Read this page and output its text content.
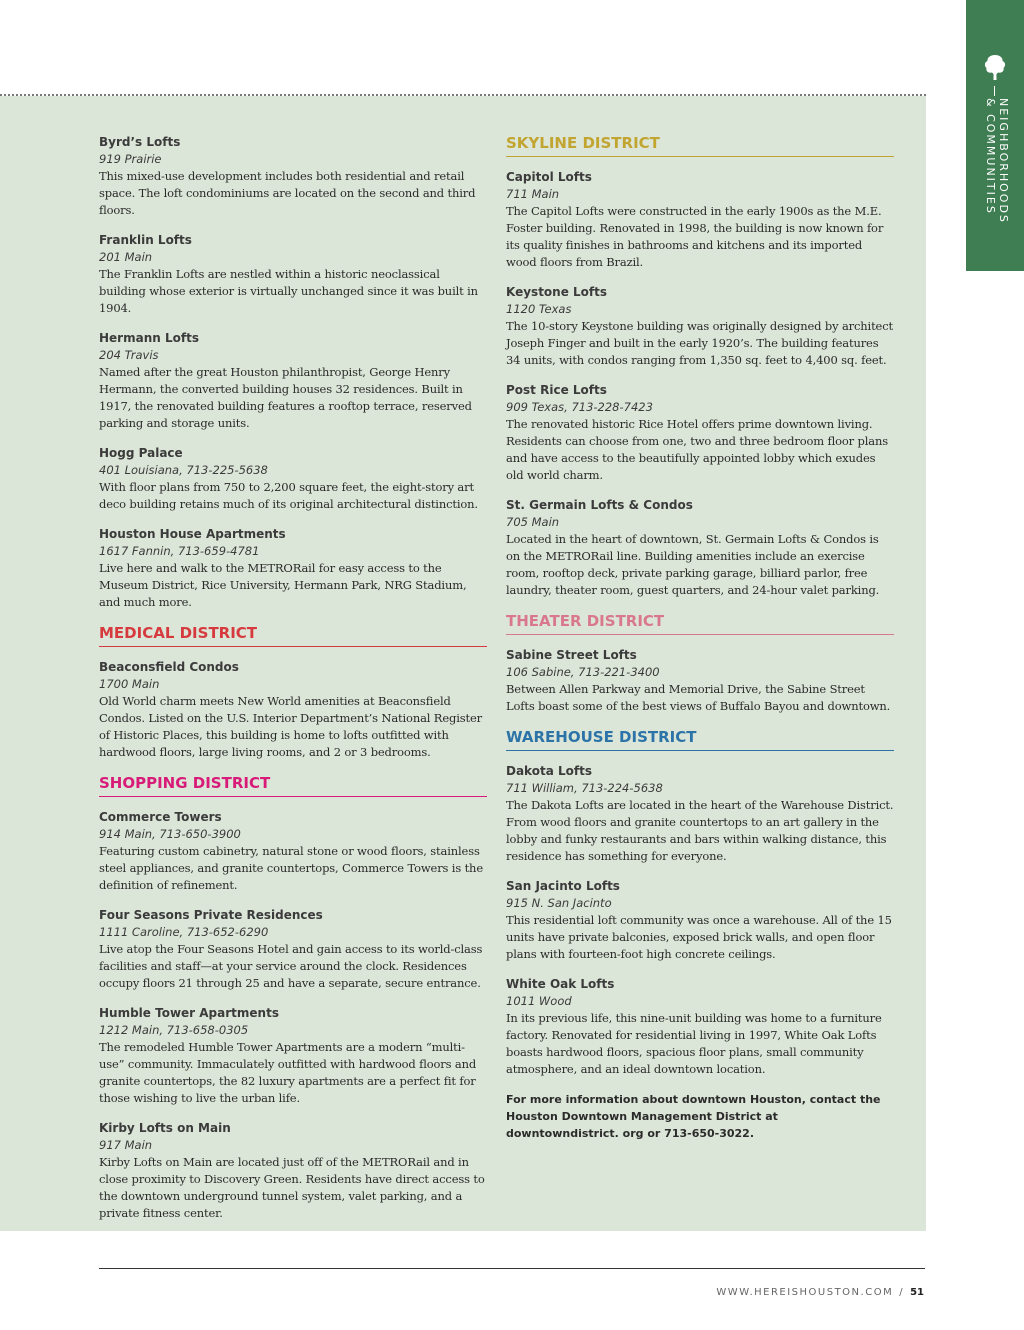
NEIGHBORHOODS
& COMMUNITIES
Byrd’s Lofts
919 Prairie
This mixed-use development includes both residential and retail space. The loft condominiums are located on the second and third floors.
Franklin Lofts
201 Main
The Franklin Lofts are nestled within a historic neoclassical building whose exterior is virtually unchanged since it was built in 1904.
Hermann Lofts
204 Travis
Named after the great Houston philanthropist, George Henry Hermann, the converted building houses 32 residences. Built in 1917, the renovated building features a rooftop terrace, reserved parking and storage units.
Hogg Palace
401 Louisiana, 713-225-5638
With floor plans from 750 to 2,200 square feet, the eight-story art deco building retains much of its original architectural distinction.
Houston House Apartments
1617 Fannin, 713-659-4781
Live here and walk to the METRORail for easy access to the Museum District, Rice University, Hermann Park, NRG Stadium, and much more.
MEDICAL DISTRICT
Beaconsfield Condos
1700 Main
Old World charm meets New World amenities at Beaconsfield Condos. Listed on the U.S. Interior Department’s National Register of Historic Places, this building is home to lofts outfitted with hardwood floors, large living rooms, and 2 or 3 bedrooms.
SHOPPING DISTRICT
Commerce Towers
914 Main, 713-650-3900
Featuring custom cabinetry, natural stone or wood floors, stainless steel appliances, and granite countertops, Commerce Towers is the definition of refinement.
Four Seasons Private Residences
1111 Caroline, 713-652-6290
Live atop the Four Seasons Hotel and gain access to its world-class facilities and staff—at your service around the clock. Residences occupy floors 21 through 25 and have a separate, secure entrance.
Humble Tower Apartments
1212 Main, 713-658-0305
The remodeled Humble Tower Apartments are a modern “multi-use” community. Immaculately outfitted with hardwood floors and granite countertops, the 82 luxury apartments are a perfect fit for those wishing to live the urban life.
Kirby Lofts on Main
917 Main
Kirby Lofts on Main are located just off of the METRORail and in close proximity to Discovery Green. Residents have direct access to the downtown underground tunnel system, valet parking, and a private fitness center.
SKYLINE DISTRICT
Capitol Lofts
711 Main
The Capitol Lofts were constructed in the early 1900s as the M.E. Foster building. Renovated in 1998, the building is now known for its quality finishes in bathrooms and kitchens and its imported wood floors from Brazil.
Keystone Lofts
1120 Texas
The 10-story Keystone building was originally designed by architect Joseph Finger and built in the early 1920’s. The building features 34 units, with condos ranging from 1,350 sq. feet to 4,400 sq. feet.
Post Rice Lofts
909 Texas, 713-228-7423
The renovated historic Rice Hotel offers prime downtown living. Residents can choose from one, two and three bedroom floor plans and have access to the beautifully appointed lobby which exudes old world charm.
St. Germain Lofts & Condos
705 Main
Located in the heart of downtown, St. Germain Lofts & Condos is on the METRORail line. Building amenities include an exercise room, rooftop deck, private parking garage, billiard parlor, free laundry, theater room, guest quarters, and 24-hour valet parking.
THEATER DISTRICT
Sabine Street Lofts
106 Sabine, 713-221-3400
Between Allen Parkway and Memorial Drive, the Sabine Street Lofts boast some of the best views of Buffalo Bayou and downtown.
WAREHOUSE DISTRICT
Dakota Lofts
711 William, 713-224-5638
The Dakota Lofts are located in the heart of the Warehouse District. From wood floors and granite countertops to an art gallery in the lobby and funky restaurants and bars within walking distance, this residence has something for everyone.
San Jacinto Lofts
915 N. San Jacinto
This residential loft community was once a warehouse. All of the 15 units have private balconies, exposed brick walls, and open floor plans with fourteen-foot high concrete ceilings.
White Oak Lofts
1011 Wood
In its previous life, this nine-unit building was home to a furniture factory. Renovated for residential living in 1997, White Oak Lofts boasts hardwood floors, spacious floor plans, small community atmosphere, and an ideal downtown location.
For more information about downtown Houston, contact the Houston Downtown Management District at downtowndistrict. org or 713-650-3022.
WWW.HEREISHOUSTON.COM / 51
